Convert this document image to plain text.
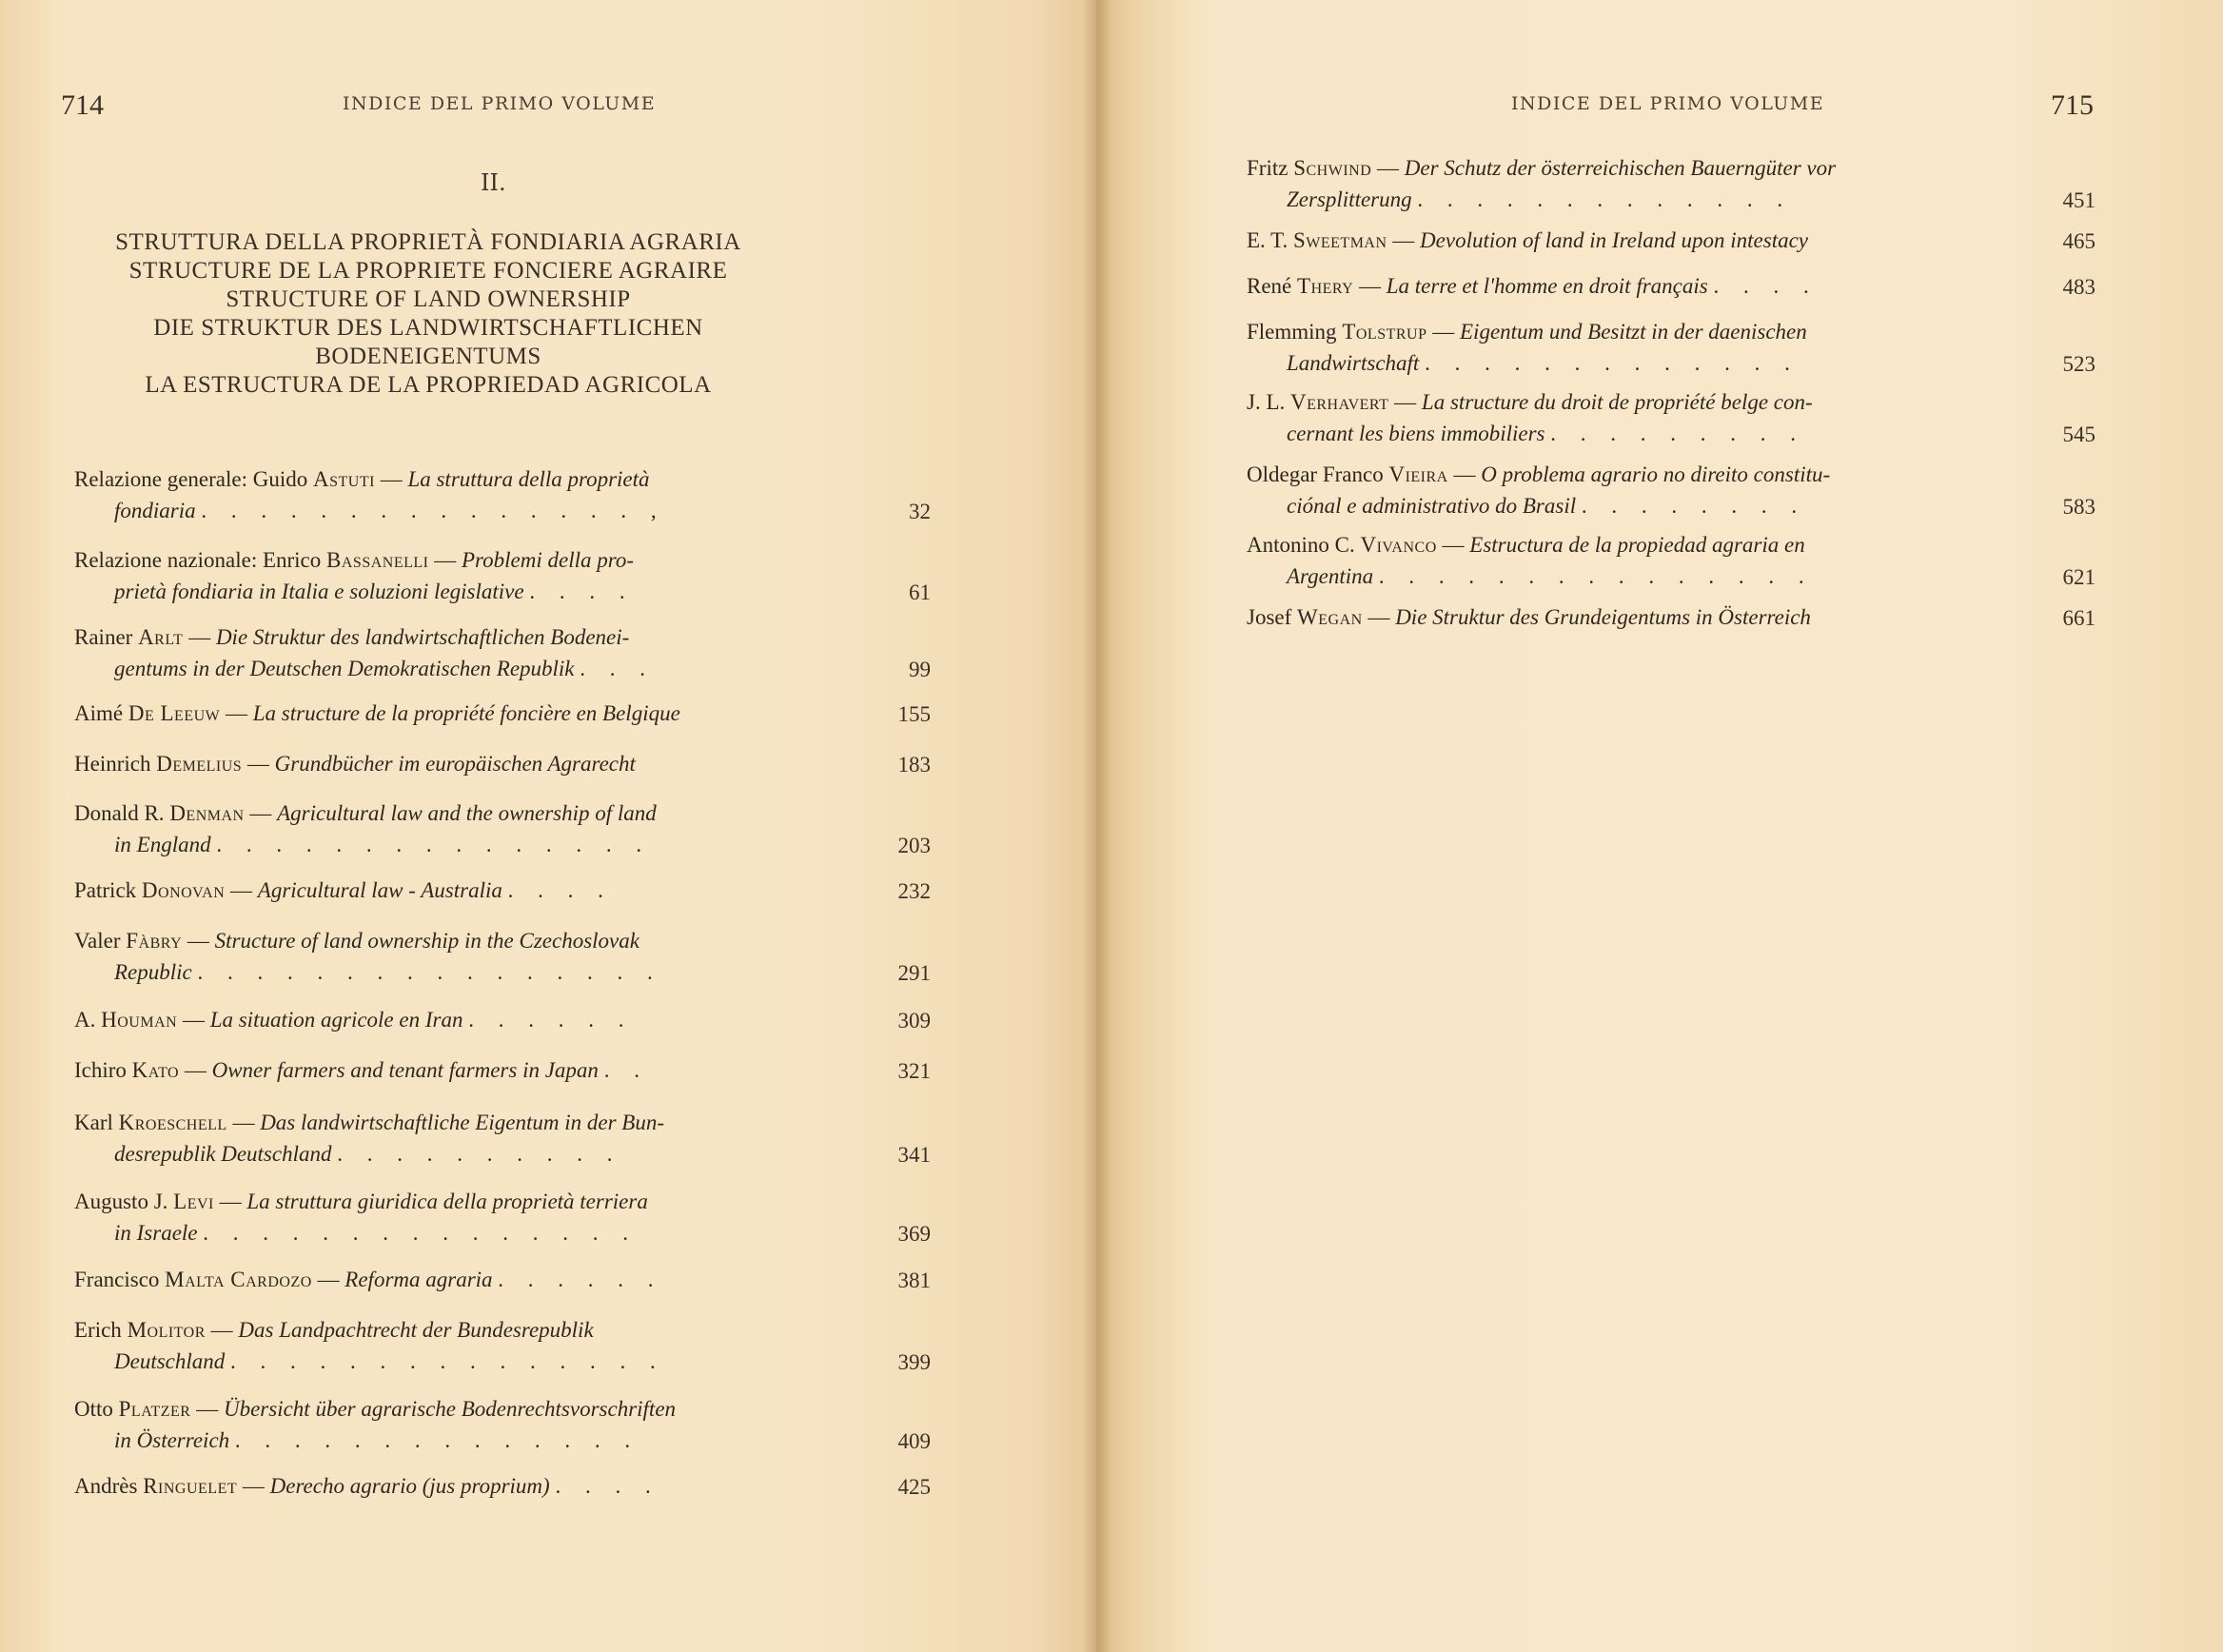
714	INDICE DEL PRIMO VOLUME
II.
STRUTTURA DELLA PROPRIETÀ FONDIARIA AGRARIA
STRUCTURE DE LA PROPRIETE FONCIERE AGRAIRE
STRUCTURE OF LAND OWNERSHIP
DIE STRUKTUR DES LANDWIRTSCHAFTLICHEN
BODENEIGENTUMS
LA ESTRUCTURA DE LA PROPRIEDAD AGRICOLA
Relazione generale: Guido Astuti — La struttura della proprietà
fondiaria . . . . . . . . . . . . . . . ,	32
Relazione nazionale: Enrico Bassanelli — Problemi della pro-
prietà fondiaria in Italia e soluzioni legislative . . . .	61
Rainer Arlt — Die Struktur des landwirtschaftlichen Bodenei-
gentums in der Deutschen Demokratischen Republik . . .	99
Aimé De Leeuw — La structure de la propriété foncière en Belgique	155
Heinrich Demelius — Grundbücher im europäischen Agrarecht	183
Donald R. Denman — Agricultural law and the ownership of land
in England . . . . . . . . . . . . . . .	203
Patrick Donovan — Agricultural law - Australia . . . .	232
Valer Fàbry — Structure of land ownership in the Czechoslovak
Republic . . . . . . . . . . . . . . . .	291
A. Houman — La situation agricole en Iran . . . . . .	309
Ichiro Kato — Owner farmers and tenant farmers in Japan . .	321
Karl Kroeschell — Das landwirtschaftliche Eigentum in der Bun-
desrepublik Deutschland . . . . . . . . . .	341
Augusto J. Levi — La struttura giuridica della proprietà terriera
in Israele . . . . . . . . . . . . . . .	369
Francisco Malta Cardozo — Reforma agraria . . . . . .	381
Erich Molitor — Das Landpachtrecht der Bundesrepublik
Deutschland . . . . . . . . . . . . . . .	399
Otto Platzer — Übersicht über agrarische Bodenrechtsvorschriften
in Österreich . . . . . . . . . . . . . .	409
Andrès Ringuelet — Derecho agrario (jus proprium) . . . .	425
INDICE DEL PRIMO VOLUME	715
Fritz Schwind — Der Schutz der österreichischen Bauerngüter vor
Zersplitterung . . . . . . . . . . . . .	451
E. T. Sweetman — Devolution of land in Ireland upon intestacy	465
René Thery — La terre et l'homme en droit français . . . .	483
Flemming Tolstrup — Eigentum und Besitzt in der daenischen
Landwirtschaft . . . . . . . . . . . . .	523
J. L. Verhavert — La structure du droit de propriété belge con-
cernant les biens immobiliers . . . . . . . . .	545
Oldegar Franco Vieira — O problema agrario no direito constitu-
ciónal e administrativo do Brasil . . . . . . . .	583
Antonino C. Vivanco — Estructura de la propiedad agraria en
Argentina . . . . . . . . . . . . . . .	621
Josef Wegan — Die Struktur des Grundeigentums in Österreich	661
